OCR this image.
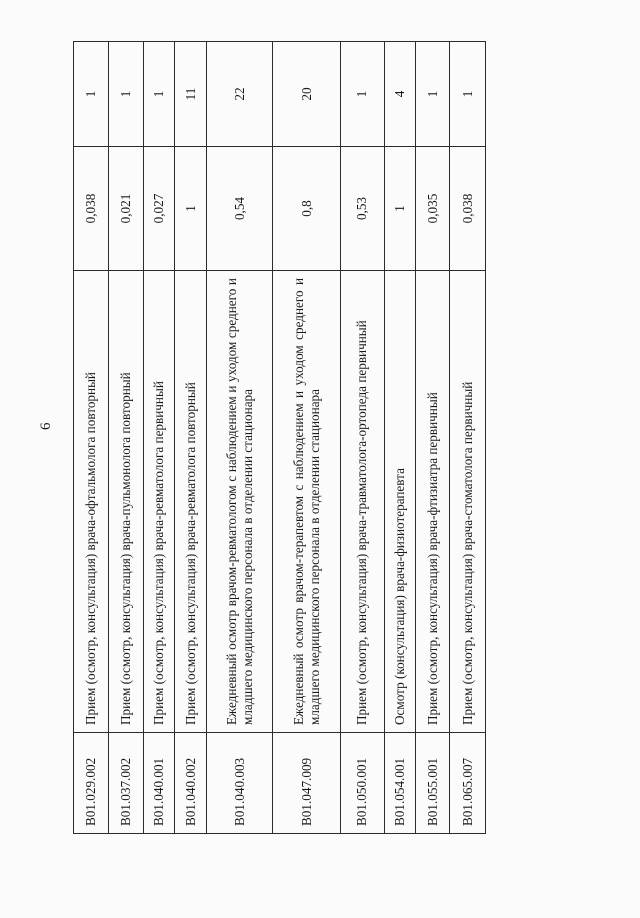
6
B01.029.002	Прием (осмотр, консультация) врача-офтальмолога повторный	0,038	1
B01.037.002	Прием (осмотр, консультация) врача-пульмонолога повторный	0,021	1
B01.040.001	Прием (осмотр, консультация) врача-ревматолога первичный	0,027	1
B01.040.002	Прием (осмотр, консультация) врача-ревматолога повторный	1	11
B01.040.003	Ежедневный осмотр врачом-ревматологом с наблюдением и уходом среднего и младшего медицинского персонала в отделении стационара	0,54	22
B01.047.009	Ежедневный осмотр врачом-терапевтом с наблюдением и уходом среднего и младшего медицинского персонала в отделении стационара	0,8	20
B01.050.001	Прием (осмотр, консультация) врача-травматолога-ортопеда первичный	0,53	1
B01.054.001	Осмотр (консультация) врача-физиотерапевта	1	4
B01.055.001	Прием (осмотр, консультация) врача-фтизиатра первичный	0,035	1
B01.065.007	Прием (осмотр, консультация) врача-стоматолога первичный	0,038	1
